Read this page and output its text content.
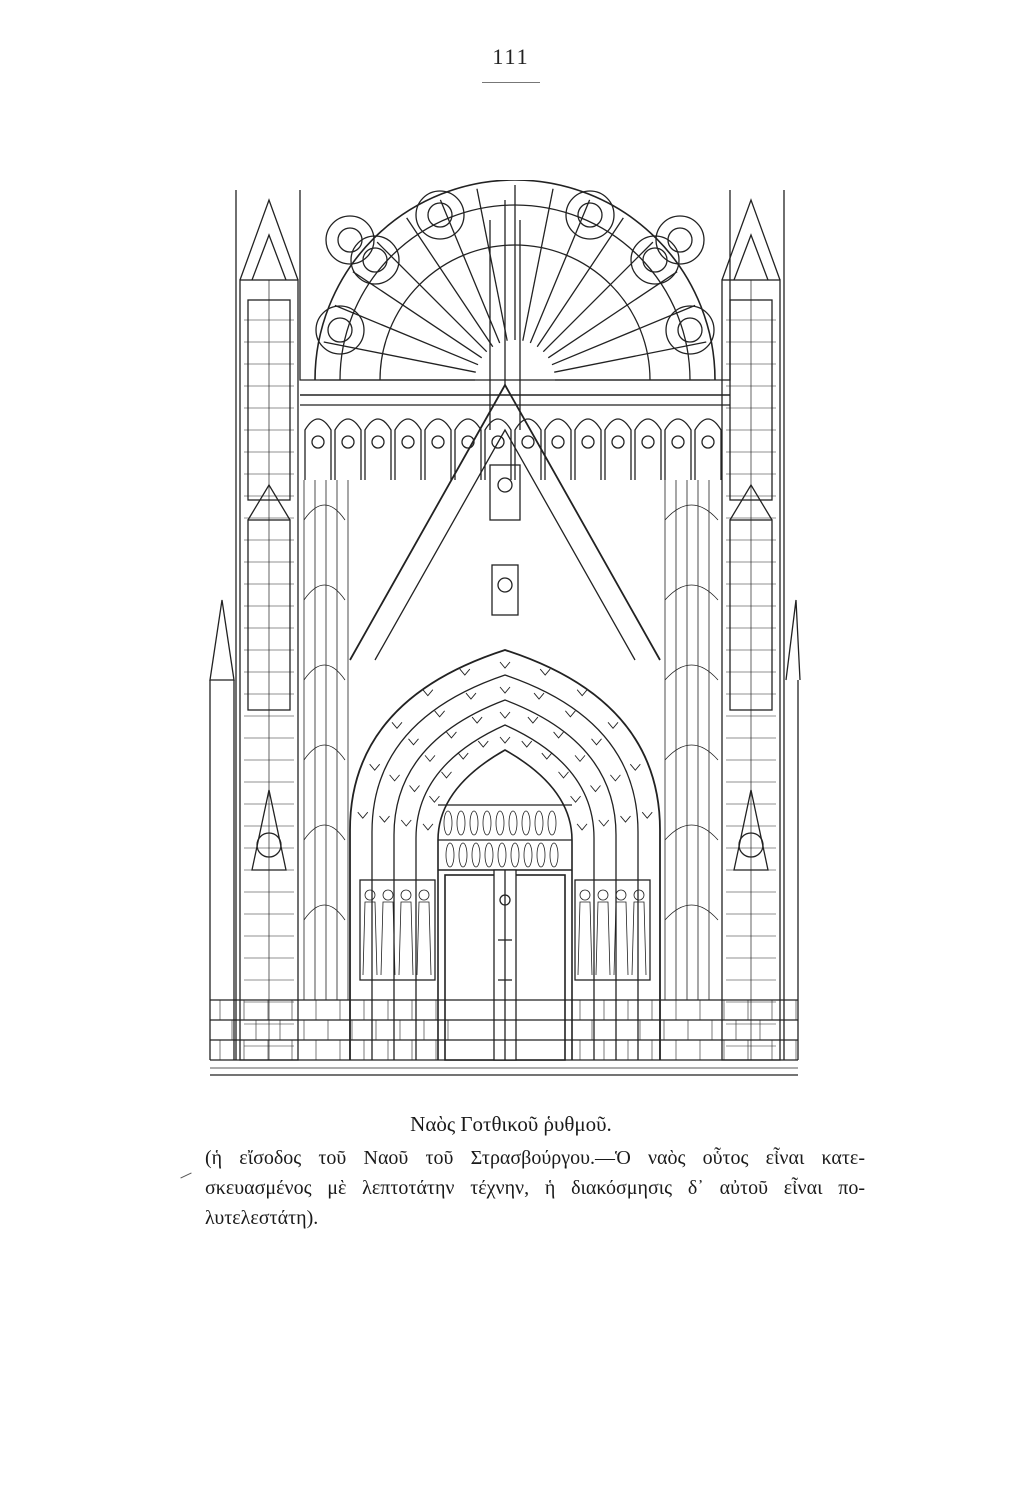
111
Ναὸς Γοτθικοῦ ῥυθμοῦ.
(ἡ εἴσοδος τοῦ Ναοῦ τοῦ Στρασβούργου.—Ὁ ναὸς οὗτος εἶναι κατε-
σκευασμένος μὲ λεπτοτάτην τέχνην, ἡ διακόσμησις δ᾽ αὐτοῦ εἶναι πο-
λυτελεστάτη).
